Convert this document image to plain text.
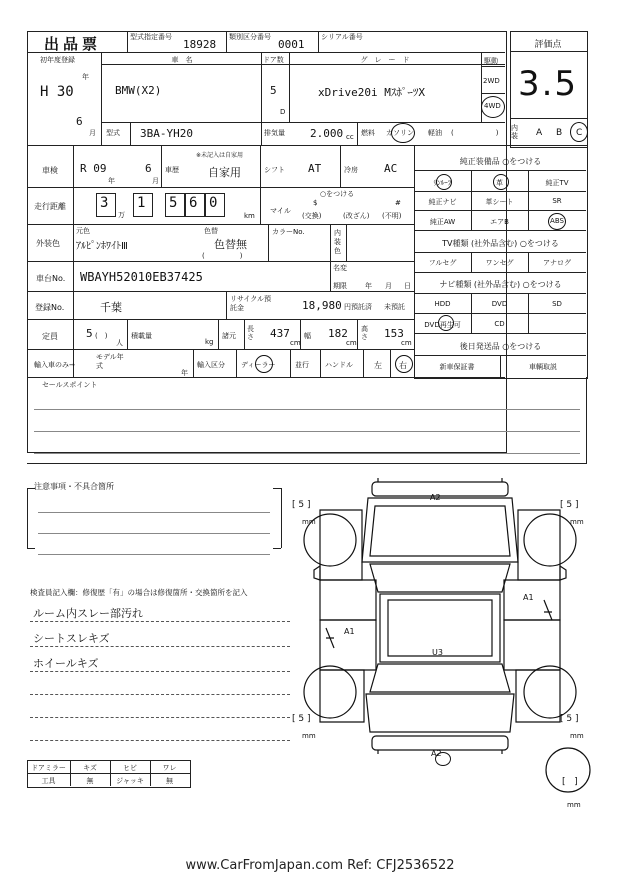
出品票	型式指定番号
18928
類別区分番号
0001
シリアル番号
評価点
3.5
初年度登録
年
H 30
6
月
車　名
BMW(X2)
ドア数
5
D
グ　レ　ー　ド
xDrive20i MｽﾎﾟｰﾂX
駆動
2WD
4WD
型式 3BA-YH20	排気量 2.000 cc 燃料 ガソリン 軽油 (　　　　　　)
内装	A B C
車検 R 09
年
6
月
車歴
※未記入は自家用
自家用	シフト AT	冷房 AC
走行距離 3
万
1 5 6 0
km
○をつける
マイル
$
(交換)	(改ざん)
#
(不明)
外装色
元色
ｱﾙﾋﾟﾝﾎﾜｲﾄⅢ
色替
色替無
(　　　　　)
カラーNo.	内装色
車台No. WBAYH52010EB37425
名変
期限	年 月 日
登録No.	千葉
リサイクル預託金	18,980 円預託済 未預託
定員	5 (　)
人
積載量
kg
諸元
長さ 437
cm
幅 182
cm
高さ 153
cm
輸入車のみ→
モデル年式
年
輸入区分 ディーラー	並行 ハンドル	左 右
セールスポイント
純正装備品 ○をつける
ｻﾝﾙｰﾌ	革	純正TV
純正ナビ	革シート	SR
純正AW	エアB	ABS
TV種類 (社外品含む) ○をつける
フルセグ	ワンセグ	アナログ
ナビ種類 (社外品含む) ○をつける
HDD	DVD	SD
DVD再生可	CD
後日発送品 ○をつける
新車保証書	車輌取説
注意事項・不具合箇所
検査員記入欄：修復歴「有」の場合は修復箇所・交換箇所を記入
ルーム内スレー部汚れ
シートスレキズ
ホイールキズ
ドアミラー	キズ	ヒビ	ワレ
工具	無	ジャッキ	無
A2
A1
A1
U3
A2
[ 5 ]
mm
[ 5 ]
mm
[ 5 ]
mm
[ 5 ]
mm
[   ]
mm
www.CarFromJapan.com Ref: CFJ2536522
